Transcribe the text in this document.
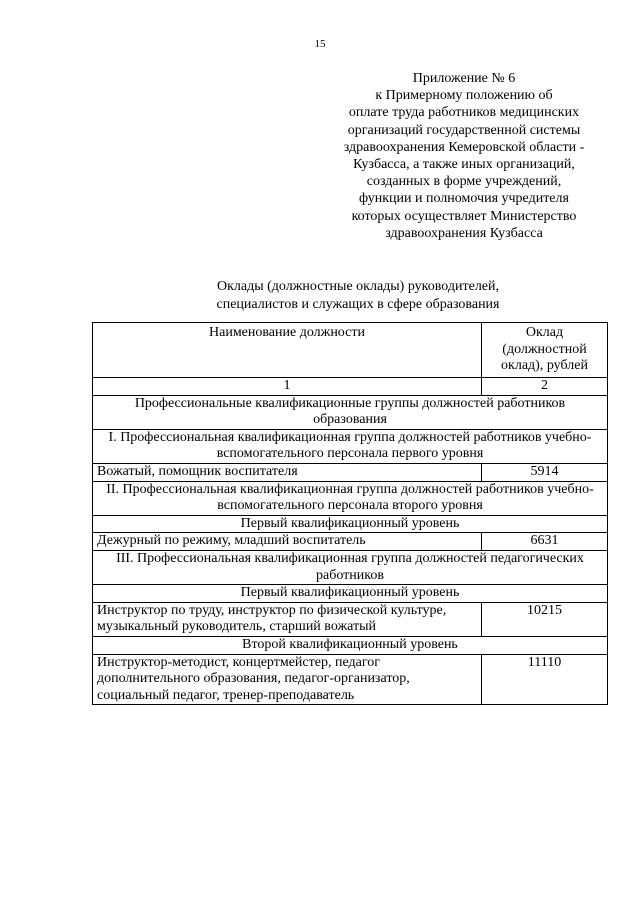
15
Приложение № 6
к Примерному положению об
оплате труда работников медицинских
организаций государственной системы
здравоохранения Кемеровской области -
Кузбасса, а также иных организаций,
созданных в форме учреждений,
функции и полномочия учредителя
которых осуществляет Министерство
здравоохранения Кузбасса
Оклады (должностные оклады) руководителей,
специалистов и служащих в сфере образования
Наименование должности	Оклад
(должностной
оклад), рублей

1	2
Профессиональные квалификационные группы должностей работников образования	
I. Профессиональная квалификационная группа должностей работников учебно-вспомогательного персонала первого уровня	
Вожатый, помощник воспитателя	5914
II. Профессиональная квалификационная группа должностей работников учебно-вспомогательного персонала второго уровня	
Первый квалификационный уровень	
Дежурный по режиму, младший воспитатель	6631
III. Профессиональная квалификационная группа должностей педагогических работников	
Первый квалификационный уровень	
Инструктор по труду, инструктор по физической культуре, музыкальный руководитель, старший вожатый	10215
Второй квалификационный уровень	
Инструктор-методист, концертмейстер, педагог дополнительного образования, педагог-организатор, социальный педагог, тренер-преподаватель	11110
